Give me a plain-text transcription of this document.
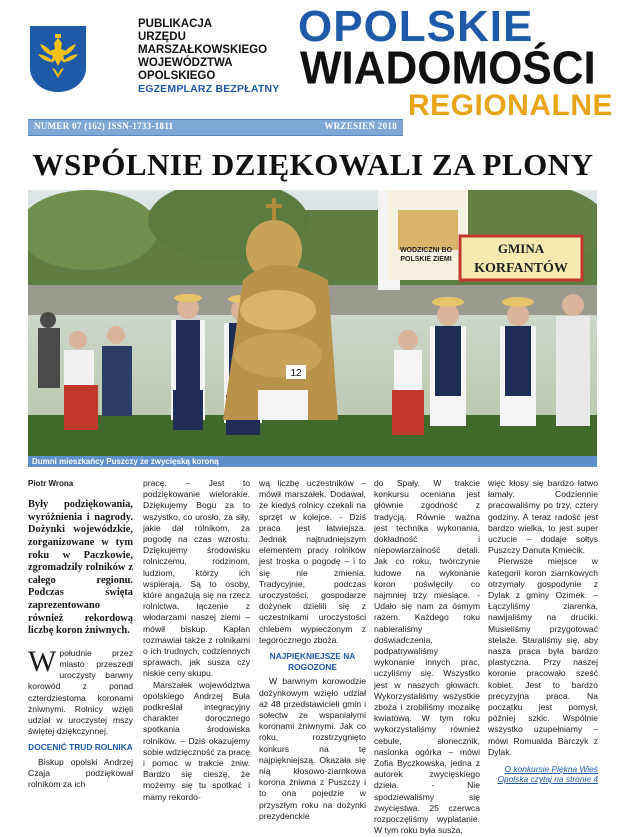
PUBLIKACJA
URZĘDU
MARSZAŁKOWSKIEGO
WOJEWÓDZTWA
OPOLSKIEGO
EGZEMPLARZ BEZPŁATNY
OPOLSKIE
WIADOMOŚCI
REGIONALNE
NUMER 07 (162) ISSN-1733-1811	WRZESIEŃ 2018
WSPÓLNIE DZIĘKOWALI ZA PLONY
12
WODZICZNI BO POLSKIE ZIEMI
GMINA
KORFANTÓW
Dumni mieszkańcy Puszczy ze zwycięską koroną
Piotr Wrona
Były podziękowania, wyróżnienia i nagrody. Dożynki wojewódzkie, zorganizowane w tym roku w Paczkowie, zgromadziły rolników z całego regionu. Podczas święta zaprezentowano również rekordową liczbę koron żniwnych.
Wpołudnie przez miasto przeszedł uroczysty barwny korowód z ponad czterdziestoma koronami żniwnymi. Rolnicy wzięli udział w uroczystej mszy świętej dziękczynnej.
DOCENIĆ TRUD ROLNIKA
Biskup opolski Andrzej Czaja podziękował rolnikom za ich
pracę. – Jest to podziękowanie wielorakie. Dziękujemy Bogu za to wszystko, co urosło, za siły, jakie dał rolnikom, za pogodę na czas wzrostu. Dziękujemy środowisku rolniczemu, rodzinom, ludziom, którzy ich wspierają. Są to osoby, które angażują się na rzecz rolnictwa, łączenie z włodarzami naszej ziemi – mówił biskup. Kapłan rozmawiał także z rolnikami o ich trudnych, codziennych sprawach, jak susza czy niskie ceny skupu.
Marszałek województwa opolskiego Andrzej Buła podkreślał integracyjny charakter dorocznego spotkania środowiska rolników. – Dziś okazujemy sobie wdzięczność za pracę i pomoc w trakcie żniw. Bardzo się cieszę, że możemy się tu spotkać i mamy rekordo-
wą liczbę uczestników – mówił marszałek. Dodawał, że kiedyś rolnicy czekali na sprzęt w kolejce. - Dziś praca jest łatwiejsza. Jednak najtrudniejszym elementem pracy rolników jest troska o pogodę – i to się nie zmienia. Tradycyjnie, podczas uroczystości, gospodarze dożynek dzielili się z uczestnikami uroczystości chlebem wypieczonym z tegorocznego zboża.
NAJPIĘKNIEJSZE NA ROGOZONE
W barwnym korowodzie dożynkowym wzięło udział aż 48 przedstawicieli gmin i sołectw ze wspaniałymi koronami żniwnymi. Jak co roku, rozstrzygnięto konkurs na tę najpiękniejszą. Okazała się nią kłosowo-ziarnkowa korona żniwna z Puszczy i to ona pojedzie w przyszłym roku na dożynki prezydenckie
do Spały. W trakcie konkursu oceniana jest głównie zgodność z tradycją. Równie ważna jest technika wykonania, dokładność i niepowtarzalność detali. Jak co roku, twórczynie ludowe na wykonanie koron poświęciły co najmniej trzy miesiące. - Udało się nam za ósmym razem. Każdego roku nabieraliśmy doświadczenia, podpatrywaliśmy wykonanie innych prac, uczyliśmy się. Wszystko jest w naszych głowach. Wykorzystaliśmy wszystkie zboża i zrobiliśmy mozaikę kwiatową. W tym roku wykorzystaliśmy również cebule, słonecznik, nasionka ogórka – mówi Zofia Byczkowska, jedna z autorek zwycięskiego dzieła. - Nie spodziewaliśmy się zwycięstwa. 25 czerwca rozpoczęliśmy wyplatanie. W tym roku była susza,
więc kłosy się bardzo łatwo łamały. Codziennie pracowaliśmy po trzy, cztery godziny. A teraz radość jest bardzo wielka, to jest super uczucie – dodaje sołtys Puszczy Danuta Kmiecik.
Pierwsze miejsce w kategorii koron ziarnkowych otrzymały gospodynie z Dylak z gminy Ozimek. – Łączyliśmy ziarenka, nawijaliśmy na druciki. Musieliśmy przygotować stelaże. Staraliśmy się, aby nasza praca była bardzo plastyczna. Przy naszej koronie pracowało sześć kobiet. Jest to bardzo precyzyjna praca. Na początku jest pomysł, później szkic. Wspólnie wszystko uzupełniamy – mówi Romualda Barczyk z Dylak.
O konkursie Piękna Wieś
Opolska czytaj na stronie 4
